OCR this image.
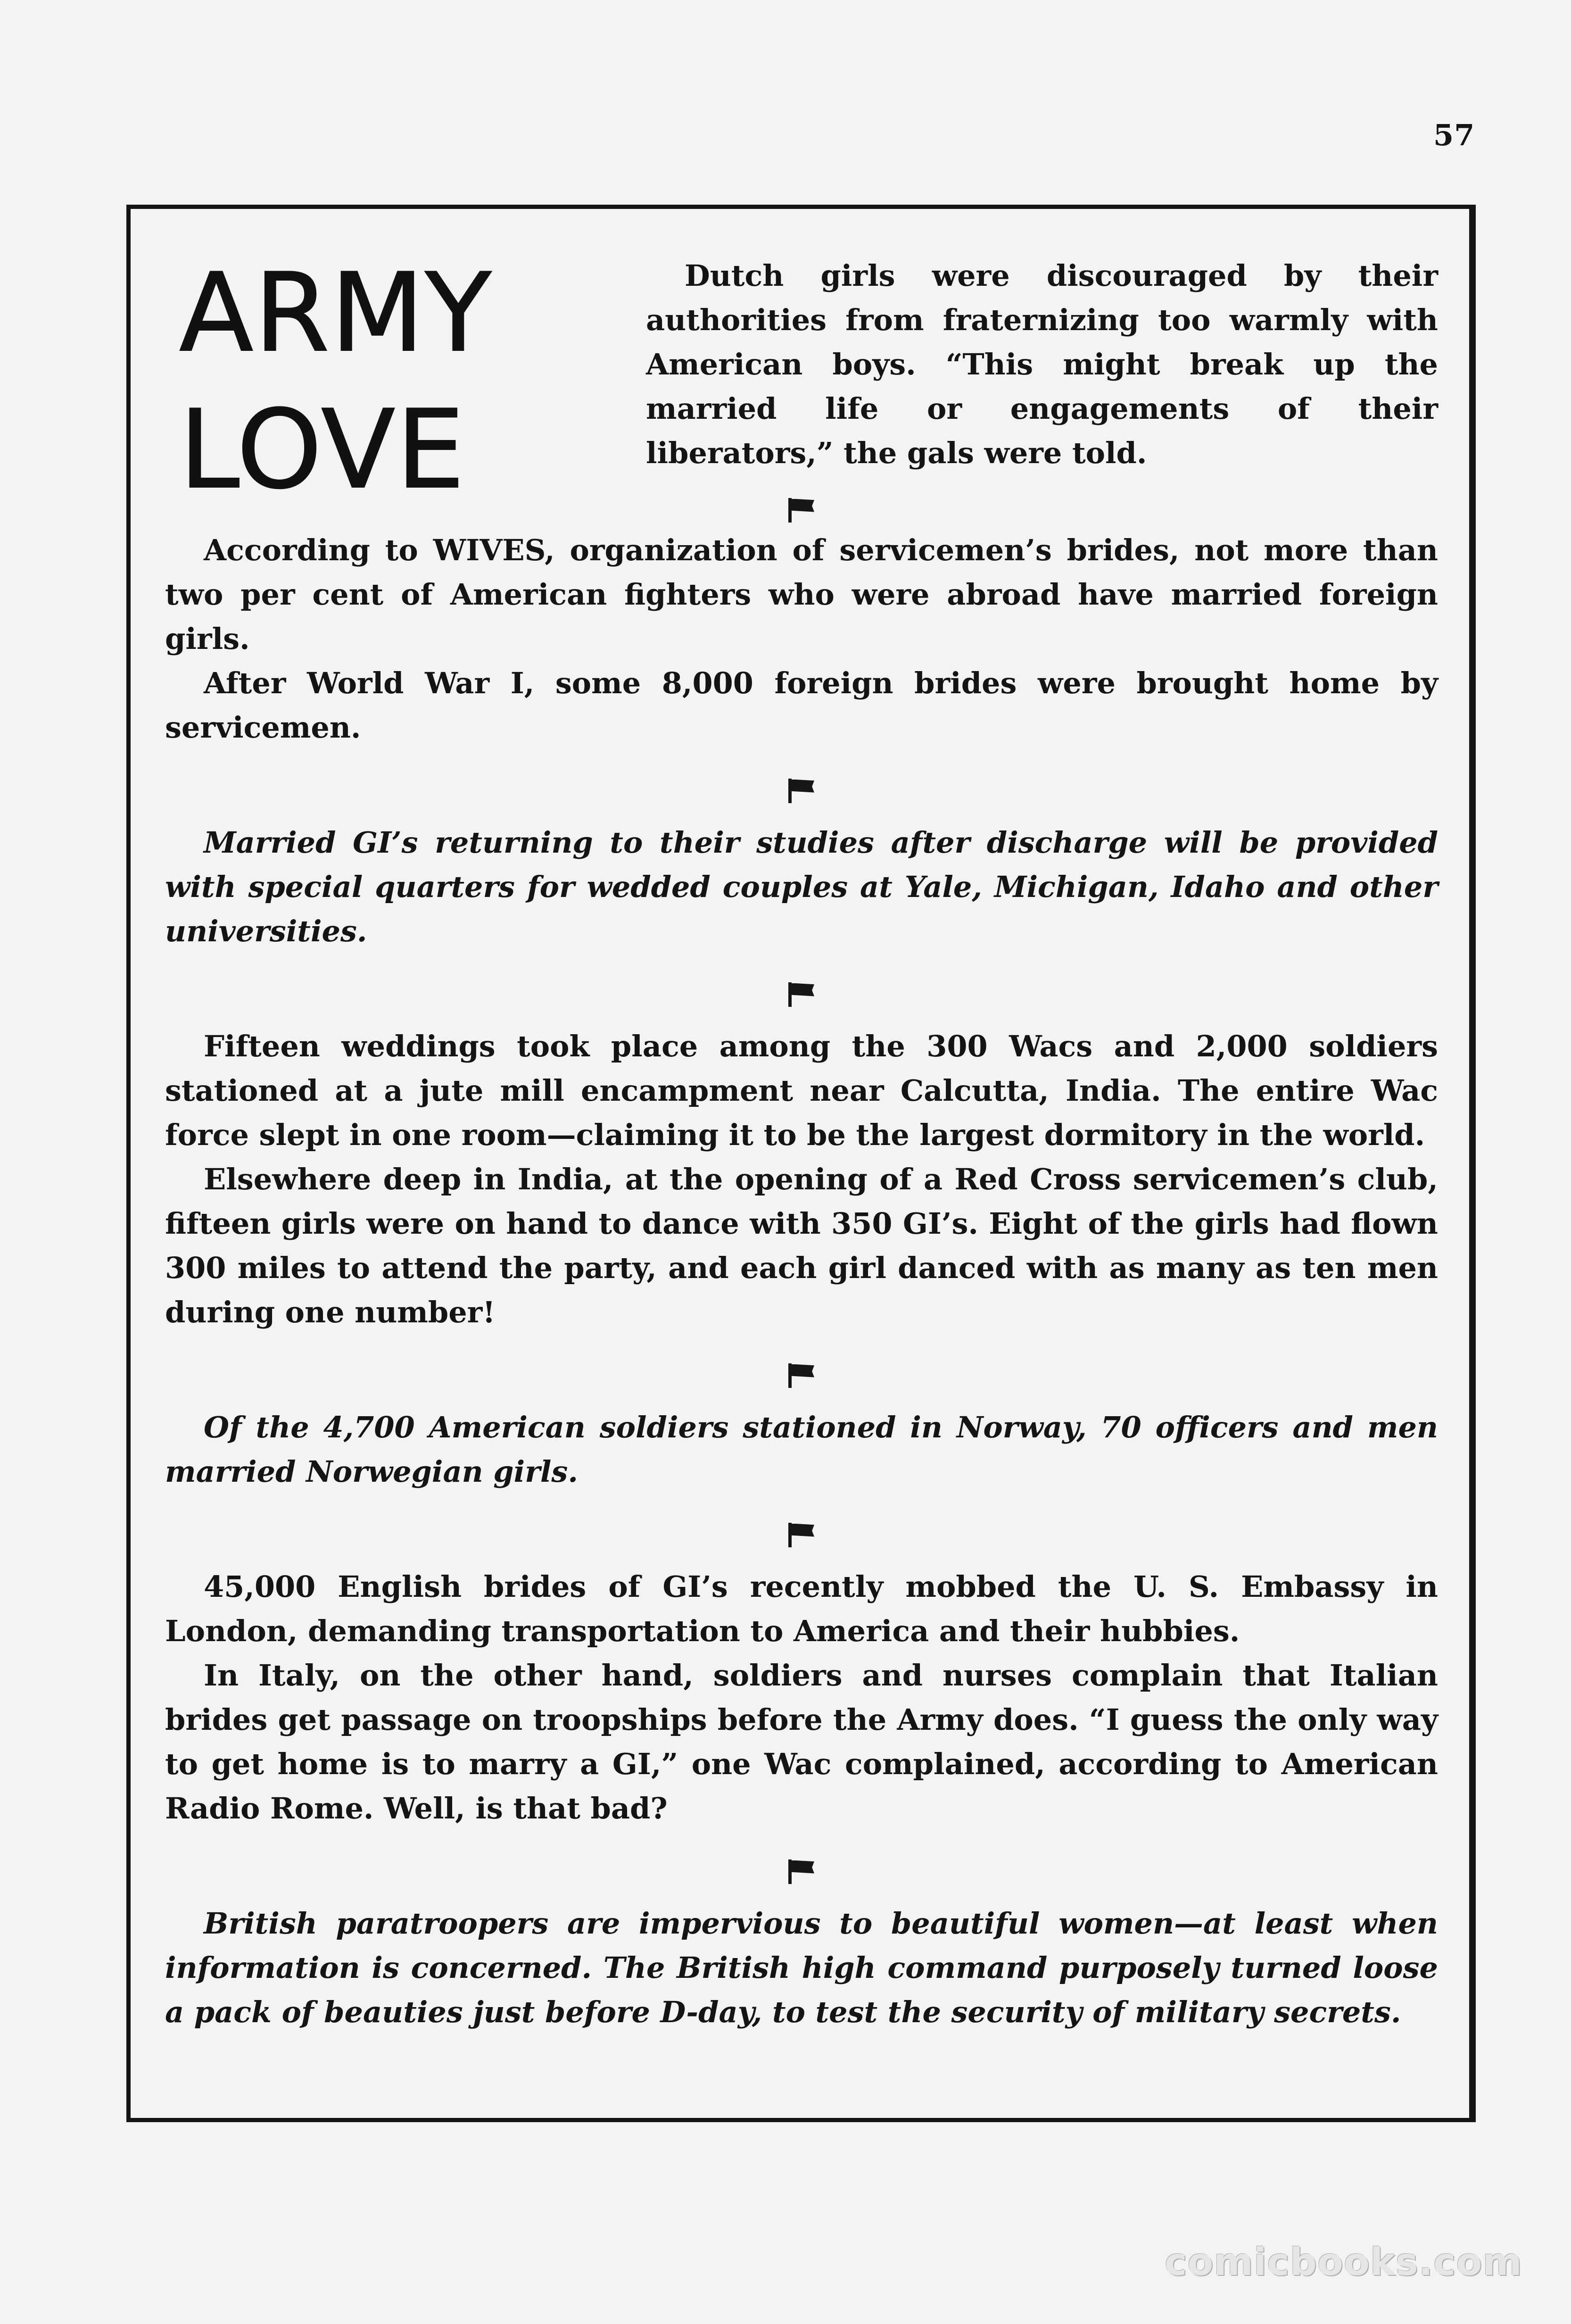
57
ARMY
LOVE

Dutch girls were discouraged by their authorities from fraternizing too warmly with American boys. “This might break up the married life or engagements of their liberators,” the gals were told.

According to WIVES, organization of servicemen’s brides, not more than two per cent of American fighters who were abroad have married foreign girls.

After World War I, some 8,000 foreign brides were brought home by servicemen.

Married GI’s returning to their studies after discharge will be provided with special quarters for wedded couples at Yale, Michigan, Idaho and other universities.

Fifteen weddings took place among the 300 Wacs and 2,000 soldiers stationed at a jute mill encampment near Calcutta, India. The entire Wac force slept in one room—claiming it to be the largest dormitory in the world.

Elsewhere deep in India, at the opening of a Red Cross servicemen’s club, fifteen girls were on hand to dance with 350 GI’s. Eight of the girls had flown 300 miles to attend the party, and each girl danced with as many as ten men during one number!

Of the 4,700 American soldiers stationed in Norway, 70 officers and men married Norwegian girls.

45,000 English brides of GI’s recently mobbed the U. S. Embassy in London, demanding transportation to America and their hubbies.

In Italy, on the other hand, soldiers and nurses complain that Italian brides get passage on troopships before the Army does. “I guess the only way to get home is to marry a GI,” one Wac complained, according to American Radio Rome. Well, is that bad?

British paratroopers are impervious to beautiful women—at least when information is concerned. The British high command purposely turned loose a pack of beauties just before D-day, to test the security of military secrets.

comicbooks.com
